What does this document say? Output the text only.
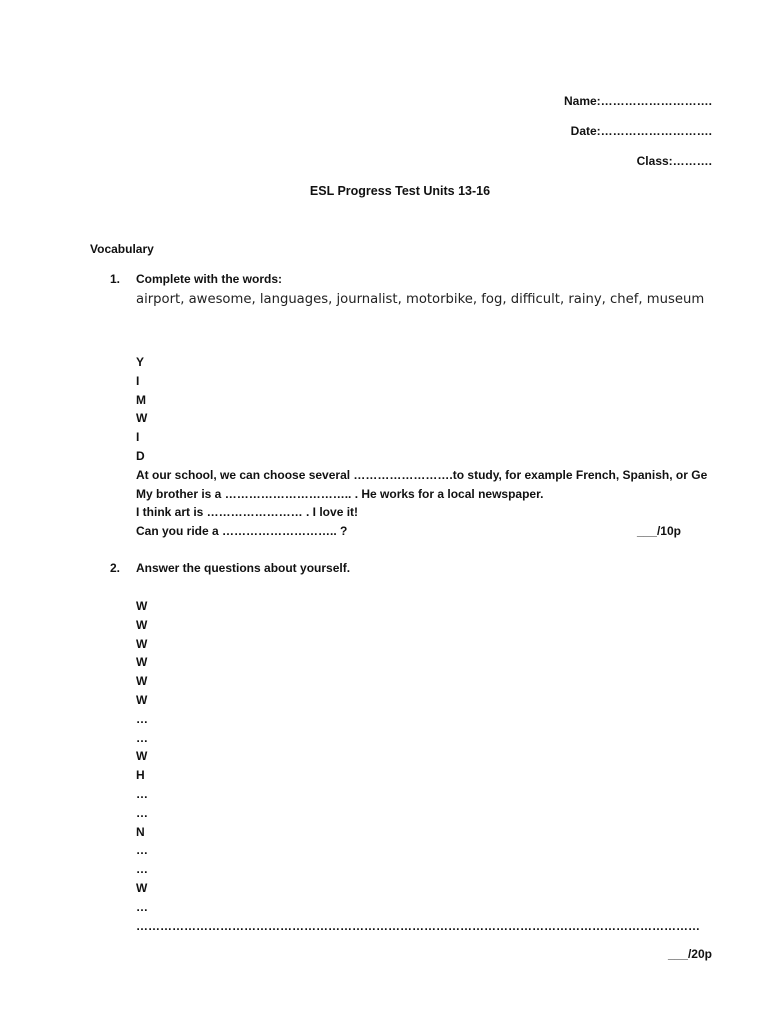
Name:……………………….
Date:……………………….
Class:……….
ESL Progress Test Units 13-16
Vocabulary
1. Complete with the words:
airport, awesome, languages, journalist, motorbike, fog, difficult, rainy, chef, museum
Y
I
M
W
I
D
At our school, we can choose several …………………….to study, for example French, Spanish, or Ge
My brother is a ………………………….. . He works for a local newspaper.
I think art is …………………… . I love it!
Can you ride a ……………………….. ?	___/10p
2. Answer the questions about yourself.
W
W
W
W
W
W
…
…
W
H
…
…
N
…
…
W
…
……………………………………………………………………………………………………………………………
___/20p
